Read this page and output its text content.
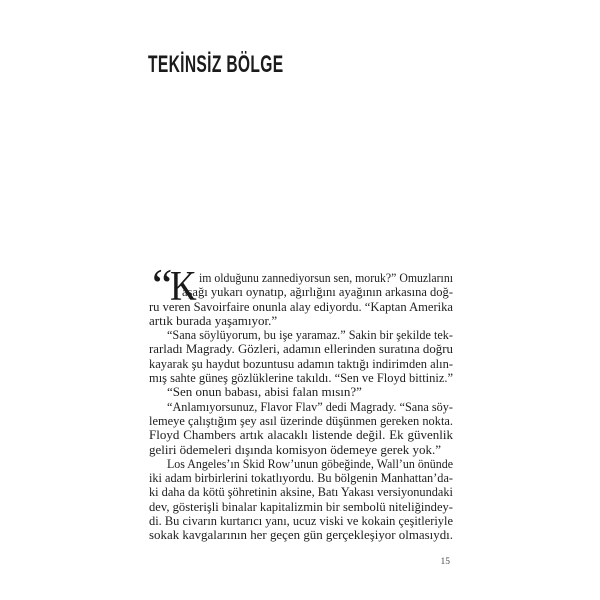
TEKİNSİZ BÖLGE
“
K im olduğunu zannediyorsun sen, moruk?” Omuzlarını
aşağı yukarı oynatıp, ağırlığını ayağının arkasına doğ-
ru veren Savoirfaire onunla alay ediyordu. “Kaptan Amerika
artık burada yaşamıyor.”
“Sana söylüyorum, bu işe yaramaz.” Sakin bir şekilde tek-
rarladı Magrady. Gözleri, adamın ellerinden suratına doğru
kayarak şu haydut bozuntusu adamın taktığı indirimden alın-
mış sahte güneş gözlüklerine takıldı. “Sen ve Floyd bittiniz.”
“Sen onun babası, abisi falan mısın?”
“Anlamıyorsunuz, Flavor Flav” dedi Magrady. “Sana söy-
lemeye çalıştığım şey asıl üzerinde düşünmen gereken nokta.
Floyd Chambers artık alacaklı listende değil. Ek güvenlik
geliri ödemeleri dışında komisyon ödemeye gerek yok.”
Los Angeles’ın Skid Row’unun göbeğinde, Wall’un önünde
iki adam birbirlerini tokatlıyordu. Bu bölgenin Manhattan’da-
ki daha da kötü şöhretinin aksine, Batı Yakası versiyonundaki
dev, gösterişli binalar kapitalizmin bir sembolü niteliğindey-
di. Bu civarın kurtarıcı yanı, ucuz viski ve kokain çeşitleriyle
sokak kavgalarının her geçen gün gerçekleşiyor olmasıydı.
15
